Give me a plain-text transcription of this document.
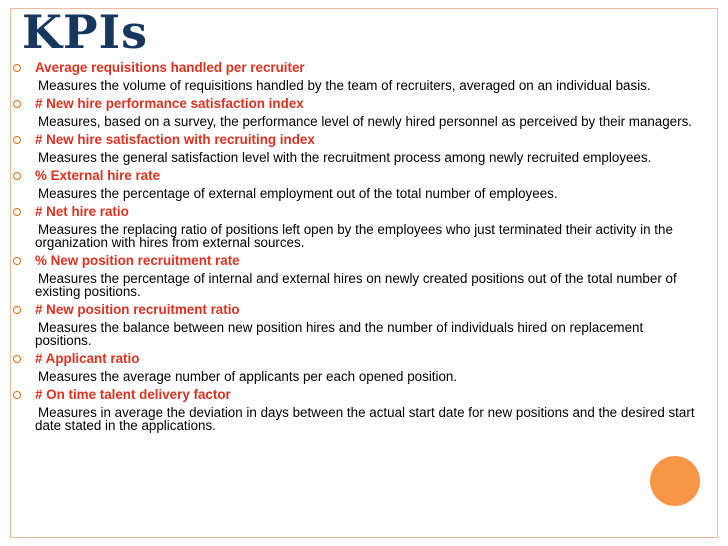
KPIs
Average requisitions handled per recruiter
Measures the volume of requisitions handled by the team of recruiters, averaged on an individual basis.
# New hire performance satisfaction index
Measures, based on a survey, the performance level of newly hired personnel as perceived by their managers.
# New hire satisfaction with recruiting index
Measures the general satisfaction level with the recruitment process among newly recruited employees.
% External hire rate
Measures the percentage of external employment out of the total number of employees.
# Net hire ratio
Measures the replacing ratio of positions left open by the employees who just terminated their activity in the organization with hires from external sources.
% New position recruitment rate
Measures the percentage of internal and external hires on newly created positions out of the total number of existing positions.
# New position recruitment ratio
Measures the balance between new position hires and the number of individuals hired on replacement positions.
# Applicant ratio
Measures the average number of applicants per each opened position.
# On time talent delivery factor
Measures in average the deviation in days between the actual start date for new positions and the desired start date stated in the applications.
